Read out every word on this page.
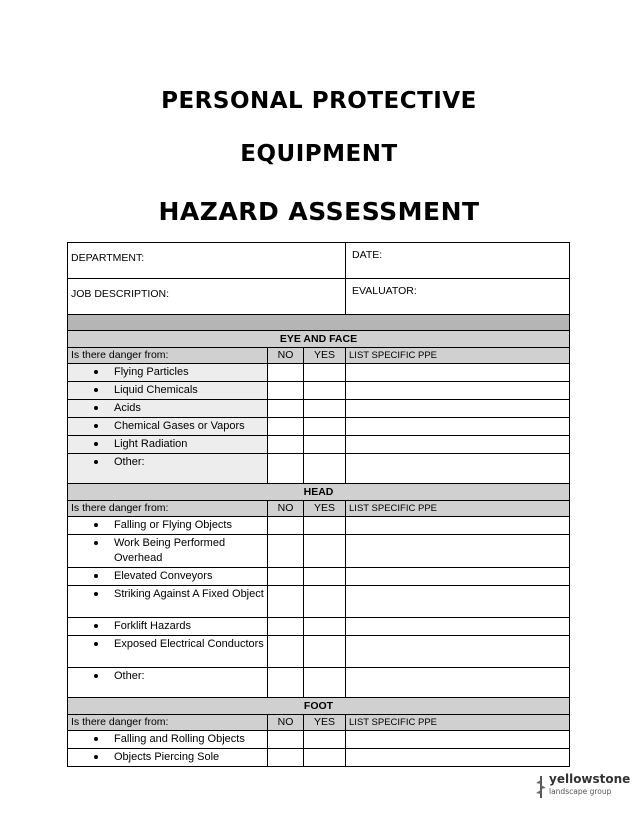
PERSONAL PROTECTIVE
EQUIPMENT
HAZARD ASSESSMENT
DEPARTMENT:			DATE:
JOB DESCRIPTION:			EVALUATOR:

EYE AND FACE			
Is there danger from:	NO	YES	LIST SPECIFIC PPE

Flying Particles			

Liquid Chemicals			

Acids			

Chemical Gases or Vapors			

Light Radiation			

Other:			

HEAD			
Is there danger from:	NO	YES	LIST SPECIFIC PPE

Falling or Flying Objects			

Work Being Performed Overhead			

Elevated Conveyors			

Striking Against A Fixed Object			

Forklift Hazards			

Exposed Electrical Conductors			

Other:			

FOOT			
Is there danger from:	NO	YES	LIST SPECIFIC PPE

Falling and Rolling Objects			

Objects Piercing Sole			

yellowstone
landscape group
